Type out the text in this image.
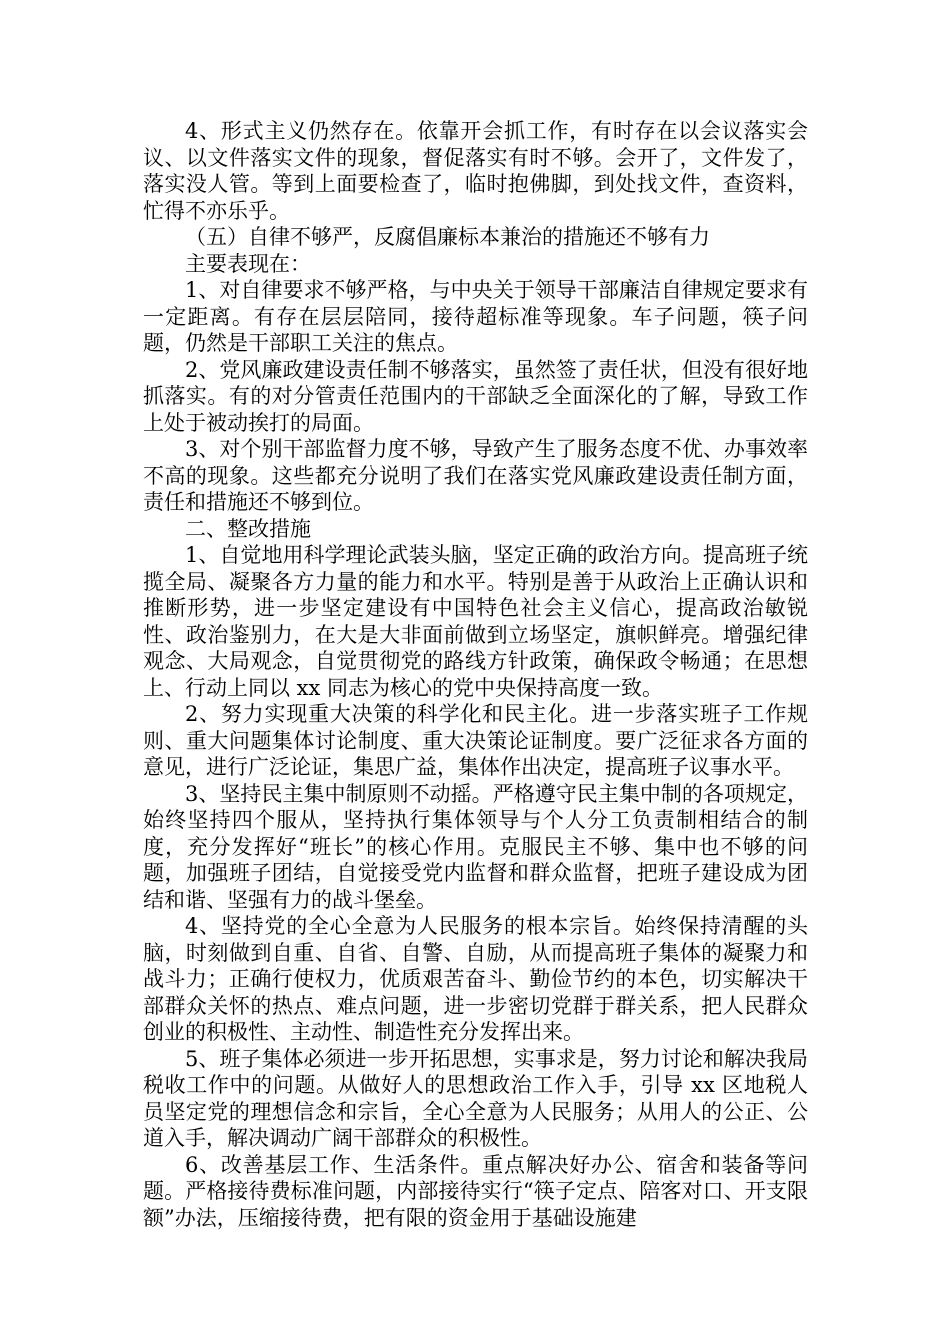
4、形式主义仍然存在。依靠开会抓工作，有时存在以会议落实会议、以文件落实文件的现象，督促落实有时不够。会开了，文件发了，落实没人管。等到上面要检查了，临时抱佛脚，到处找文件，查资料，忙得不亦乐乎。

（五）自律不够严，反腐倡廉标本兼治的措施还不够有力

主要表现在：

1、对自律要求不够严格，与中央关于领导干部廉洁自律规定要求有一定距离。有存在层层陪同，接待超标准等现象。车子问题，筷子问题，仍然是干部职工关注的焦点。

2、党风廉政建设责任制不够落实，虽然签了责任状，但没有很好地抓落实。有的对分管责任范围内的干部缺乏全面深化的了解，导致工作上处于被动挨打的局面。

3、对个别干部监督力度不够，导致产生了服务态度不优、办事效率不高的现象。这些都充分说明了我们在落实党风廉政建设责任制方面，责任和措施还不够到位。

二、整改措施

1、自觉地用科学理论武装头脑，坚定正确的政治方向。提高班子统揽全局、凝聚各方力量的能力和水平。特别是善于从政治上正确认识和推断形势，进一步坚定建设有中国特色社会主义信心，提高政治敏锐性、政治鉴别力，在大是大非面前做到立场坚定，旗帜鲜亮。增强纪律观念、大局观念，自觉贯彻党的路线方针政策，确保政令畅通；在思想上、行动上同以 xx 同志为核心的党中央保持高度一致。

2、努力实现重大决策的科学化和民主化。进一步落实班子工作规则、重大问题集体讨论制度、重大决策论证制度。要广泛征求各方面的意见，进行广泛论证，集思广益，集体作出决定，提高班子议事水平。

3、坚持民主集中制原则不动摇。严格遵守民主集中制的各项规定，始终坚持四个服从，坚持执行集体领导与个人分工负责制相结合的制度，充分发挥好“班长”的核心作用。克服民主不够、集中也不够的问题，加强班子团结，自觉接受党内监督和群众监督，把班子建设成为团结和谐、坚强有力的战斗堡垒。

4、坚持党的全心全意为人民服务的根本宗旨。始终保持清醒的头脑，时刻做到自重、自省、自警、自励，从而提高班子集体的凝聚力和战斗力；正确行使权力，优质艰苦奋斗、勤俭节约的本色，切实解决干部群众关怀的热点、难点问题，进一步密切党群于群关系，把人民群众创业的积极性、主动性、制造性充分发挥出来。

5、班子集体必须进一步开拓思想，实事求是，努力讨论和解决我局税收工作中的问题。从做好人的思想政治工作入手，引导 xx 区地税人员坚定党的理想信念和宗旨，全心全意为人民服务；从用人的公正、公道入手，解决调动广阔干部群众的积极性。

6、改善基层工作、生活条件。重点解决好办公、宿舍和装备等问题。严格接待费标准问题，内部接待实行“筷子定点、陪客对口、开支限额”办法，压缩接待费，把有限的资金用于基础设施建
